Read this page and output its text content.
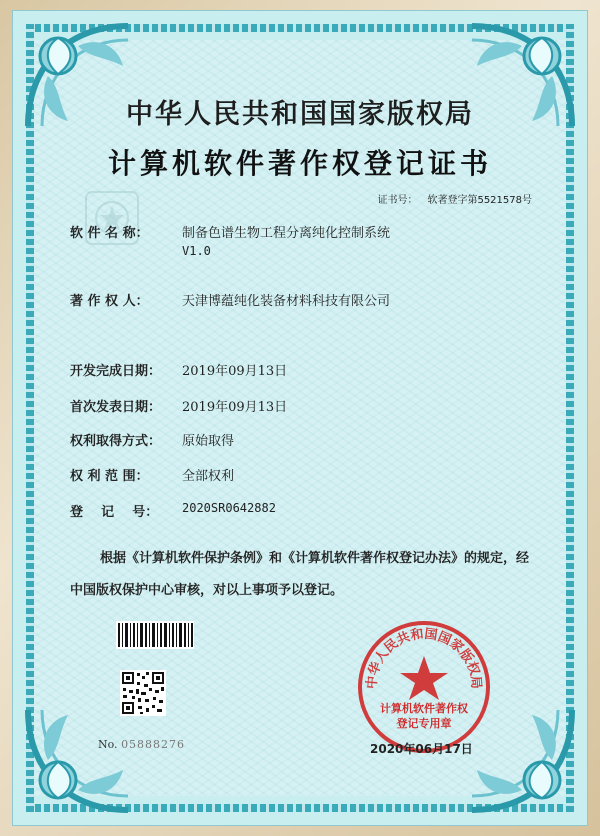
中华人民共和国国家版权局
计算机软件著作权登记证书
证书号： 软著登字第5521578号
软 件 名 称：	制备色谱生物工程分离纯化控制系统
V1.0
著 作 权 人：	天津博蕴纯化装备材料科技有限公司
开发完成日期： 2019年09月13日
首次发表日期： 2019年09月13日
权利取得方式： 原始取得
权 利 范 围：	全部权利
登    记    号： 2020SR0642882
根据《计算机软件保护条例》和《计算机软件著作权登记办法》的规定，经中国版权保护中心审核，对以上事项予以登记。
No. 05888276
中华人民共和国国家版权局
计算机软件著作权
登记专用章
2020年06月17日
